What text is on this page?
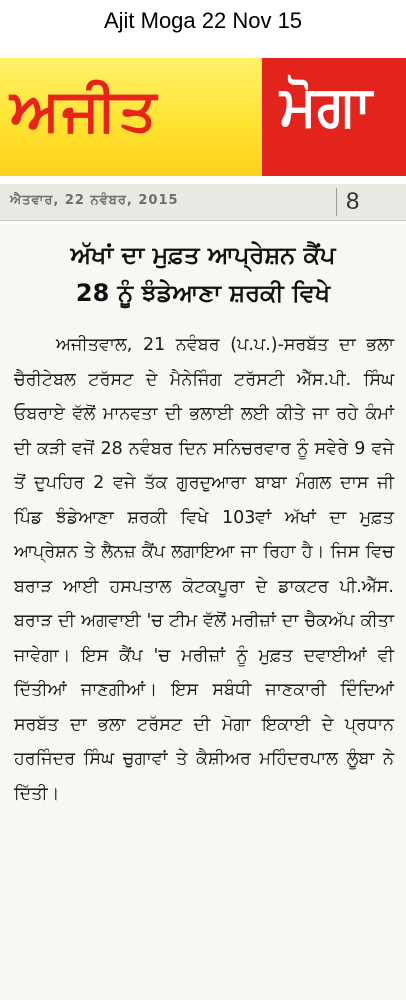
Ajit Moga 22 Nov 15
ਅਜੀਤ ਮੋਗਾ
ਐਤਵਾਰ, 22 ਨਵੰਬਰ, 2015	8
ਅੱਖਾਂ ਦਾ ਮੁਫ਼ਤ ਆਪ੍ਰੇਸ਼ਨ ਕੈਂਪ
28 ਨੂੰ ਝੰਡੇਆਣਾ ਸ਼ਰਕੀ ਵਿਖੇ

ਅਜੀਤਵਾਲ, 21 ਨਵੰਬਰ (ਪ.ਪ.)-ਸਰਬੱਤ ਦਾ ਭਲਾ ਚੈਰੀਟੇਬਲ ਟਰੱਸਟ ਦੇ ਮੈਨੇਜਿੰਗ ਟਰੱਸਟੀ ਐੱਸ.ਪੀ. ਸਿੰਘ ਓਬਰਾਏ ਵੱਲੋਂ ਮਾਨਵਤਾ ਦੀ ਭਲਾਈ ਲਈ ਕੀਤੇ ਜਾ ਰਹੇ ਕੰਮਾਂ ਦੀ ਕੜੀ ਵਜੋਂ 28 ਨਵੰਬਰ ਦਿਨ ਸਨਿਚਰਵਾਰ ਨੂੰ ਸਵੇਰੇ 9 ਵਜੇ ਤੋਂ ਦੁਪਹਿਰ 2 ਵਜੇ ਤੱਕ ਗੁਰਦੁਆਰਾ ਬਾਬਾ ਮੰਗਲ ਦਾਸ ਜੀ ਪਿੰਡ ਝੰਡੇਆਣਾ ਸ਼ਰਕੀ ਵਿਖੇ 103ਵਾਂ ਅੱਖਾਂ ਦਾ ਮੁਫ਼ਤ ਆਪ੍ਰੇਸ਼ਨ ਤੇ ਲੈਨਜ਼ ਕੈਂਪ ਲਗਾਇਆ ਜਾ ਰਿਹਾ ਹੈ। ਜਿਸ ਵਿਚ ਬਰਾੜ ਆਈ ਹਸਪਤਾਲ ਕੋਟਕਪੂਰਾ ਦੇ ਡਾਕਟਰ ਪੀ.ਐੱਸ. ਬਰਾੜ ਦੀ ਅਗਵਾਈ 'ਚ ਟੀਮ ਵੱਲੋਂ ਮਰੀਜ਼ਾਂ ਦਾ ਚੈਕਅੱਪ ਕੀਤਾ ਜਾਵੇਗਾ। ਇਸ ਕੈਂਪ 'ਚ ਮਰੀਜ਼ਾਂ ਨੂੰ ਮੁਫ਼ਤ ਦਵਾਈਆਂ ਵੀ ਦਿੱਤੀਆਂ ਜਾਣਗੀਆਂ। ਇਸ ਸਬੰਧੀ ਜਾਣਕਾਰੀ ਦਿੰਦਿਆਂ ਸਰਬੱਤ ਦਾ ਭਲਾ ਟਰੱਸਟ ਦੀ ਮੋਗਾ ਇਕਾਈ ਦੇ ਪ੍ਰਧਾਨ ਹਰਜਿੰਦਰ ਸਿੰਘ ਚੁਗਾਵਾਂ ਤੇ ਕੈਸ਼ੀਅਰ ਮਹਿੰਦਰਪਾਲ ਲੂੰਬਾ ਨੇ ਦਿੱਤੀ।
